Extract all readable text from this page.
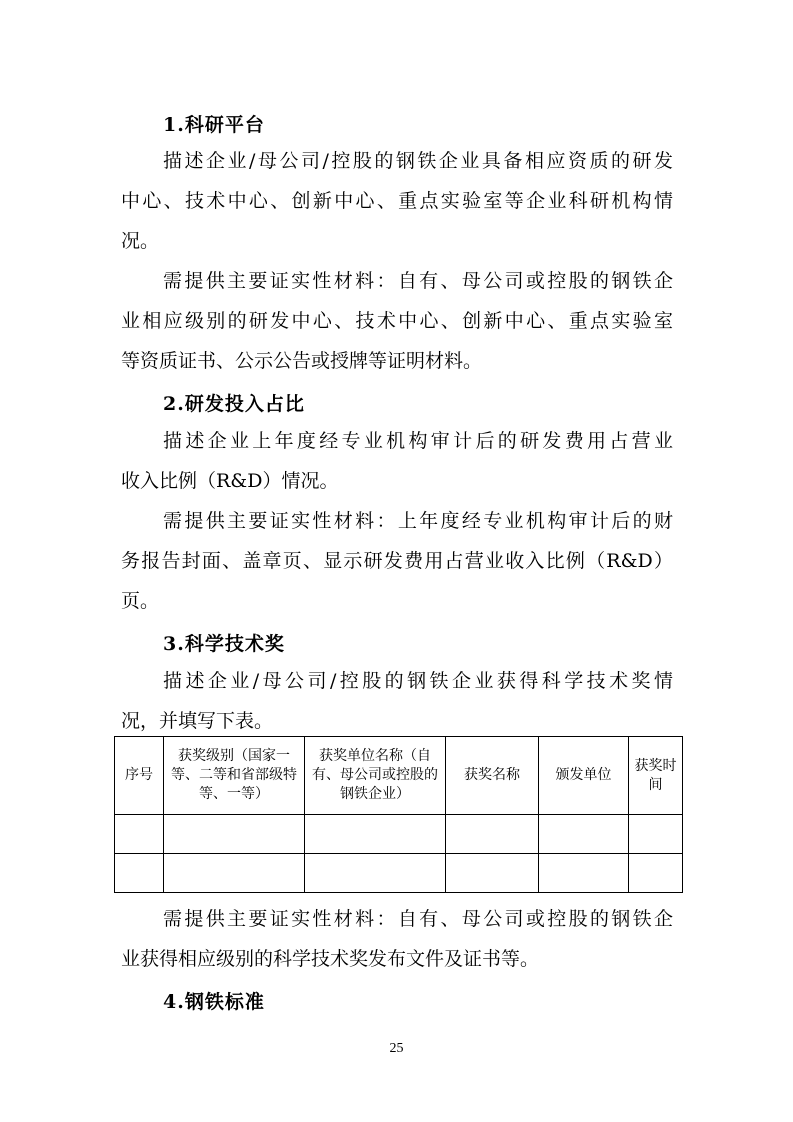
1.科研平台
描述企业/母公司/控股的钢铁企业具备相应资质的研发
中心、技术中心、创新中心、重点实验室等企业科研机构情
况。
需提供主要证实性材料：自有、母公司或控股的钢铁企
业相应级别的研发中心、技术中心、创新中心、重点实验室
等资质证书、公示公告或授牌等证明材料。
2.研发投入占比
描述企业上年度经专业机构审计后的研发费用占营业
收入比例（R&D）情况。
需提供主要证实性材料：上年度经专业机构审计后的财
务报告封面、盖章页、显示研发费用占营业收入比例（R&D）
页。
3.科学技术奖
描述企业/母公司/控股的钢铁企业获得科学技术奖情
况，并填写下表。
序号	获奖级别（国家一等、二等和省部级特等、一等）	获奖单位名称（自有、母公司或控股的钢铁企业）	获奖名称	颁发单位	获奖时间

需提供主要证实性材料：自有、母公司或控股的钢铁企
业获得相应级别的科学技术奖发布文件及证书等。
4.钢铁标准
25
